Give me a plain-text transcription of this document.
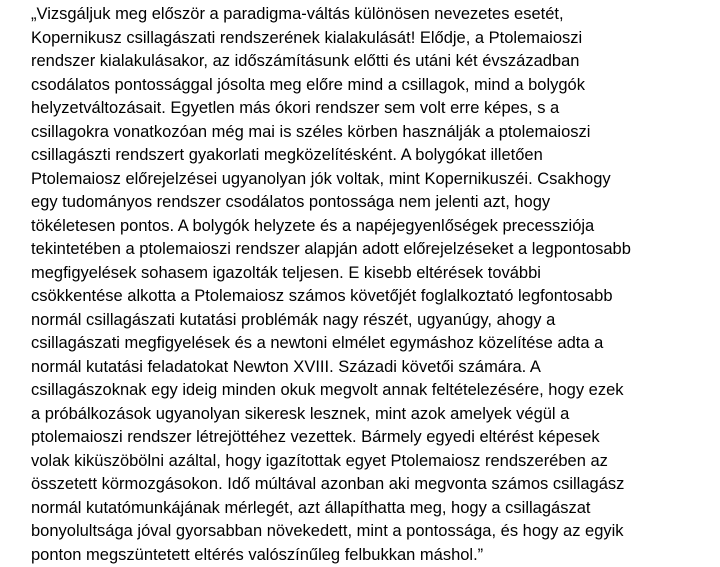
„Vizsgáljuk meg először a paradigma-váltás különösen nevezetes esetét,
Kopernikusz csillagászati rendszerének kialakulását! Elődje, a Ptolemaioszi
rendszer kialakulásakor, az időszámításunk előtti és utáni két évszázadban
csodálatos pontossággal jósolta meg előre mind a csillagok, mind a bolygók
helyzetváltozásait. Egyetlen más ókori rendszer sem volt erre képes, s a
csillagokra vonatkozóan még mai is széles körben használják a ptolemaioszi
csillagászti rendszert gyakorlati megközelítésként. A bolygókat illetően
Ptolemaiosz előrejelzései ugyanolyan jók voltak, mint Kopernikuszéi. Csakhogy
egy tudományos rendszer csodálatos pontossága nem jelenti azt, hogy
tökéletesen pontos. A bolygók helyzete és a napéjegyenlőségek precessziója
tekintetében a ptolemaioszi rendszer alapján adott előrejelzéseket a legpontosabb
megfigyelések sohasem igazolták teljesen. E kisebb eltérések további
csökkentése alkotta a Ptolemaiosz számos követőjét foglalkoztató legfontosabb
normál csillagászati kutatási problémák nagy részét, ugyanúgy, ahogy a
csillagászati megfigyelések és a newtoni elmélet egymáshoz közelítése adta a
normál kutatási feladatokat Newton XVIII. Századi követői számára. A
csillagászoknak egy ideig minden okuk megvolt annak feltételezésére, hogy ezek
a próbálkozások ugyanolyan sikeresk lesznek, mint azok amelyek végül a
ptolemaioszi rendszer létrejöttéhez vezettek. Bármely egyedi eltérést képesek
volak kiküszöbölni azáltal, hogy igazítottak egyet Ptolemaiosz rendszerében az
összetett körmozgásokon. Idő múltával azonban aki megvonta számos csillagász
normál kutatómunkájának mérlegét, azt állapíthatta meg, hogy a csillagászat
bonyolultsága jóval gyorsabban növekedett, mint a pontossága, és hogy az egyik
ponton megszüntetett eltérés valószínűleg felbukkan máshol.”
